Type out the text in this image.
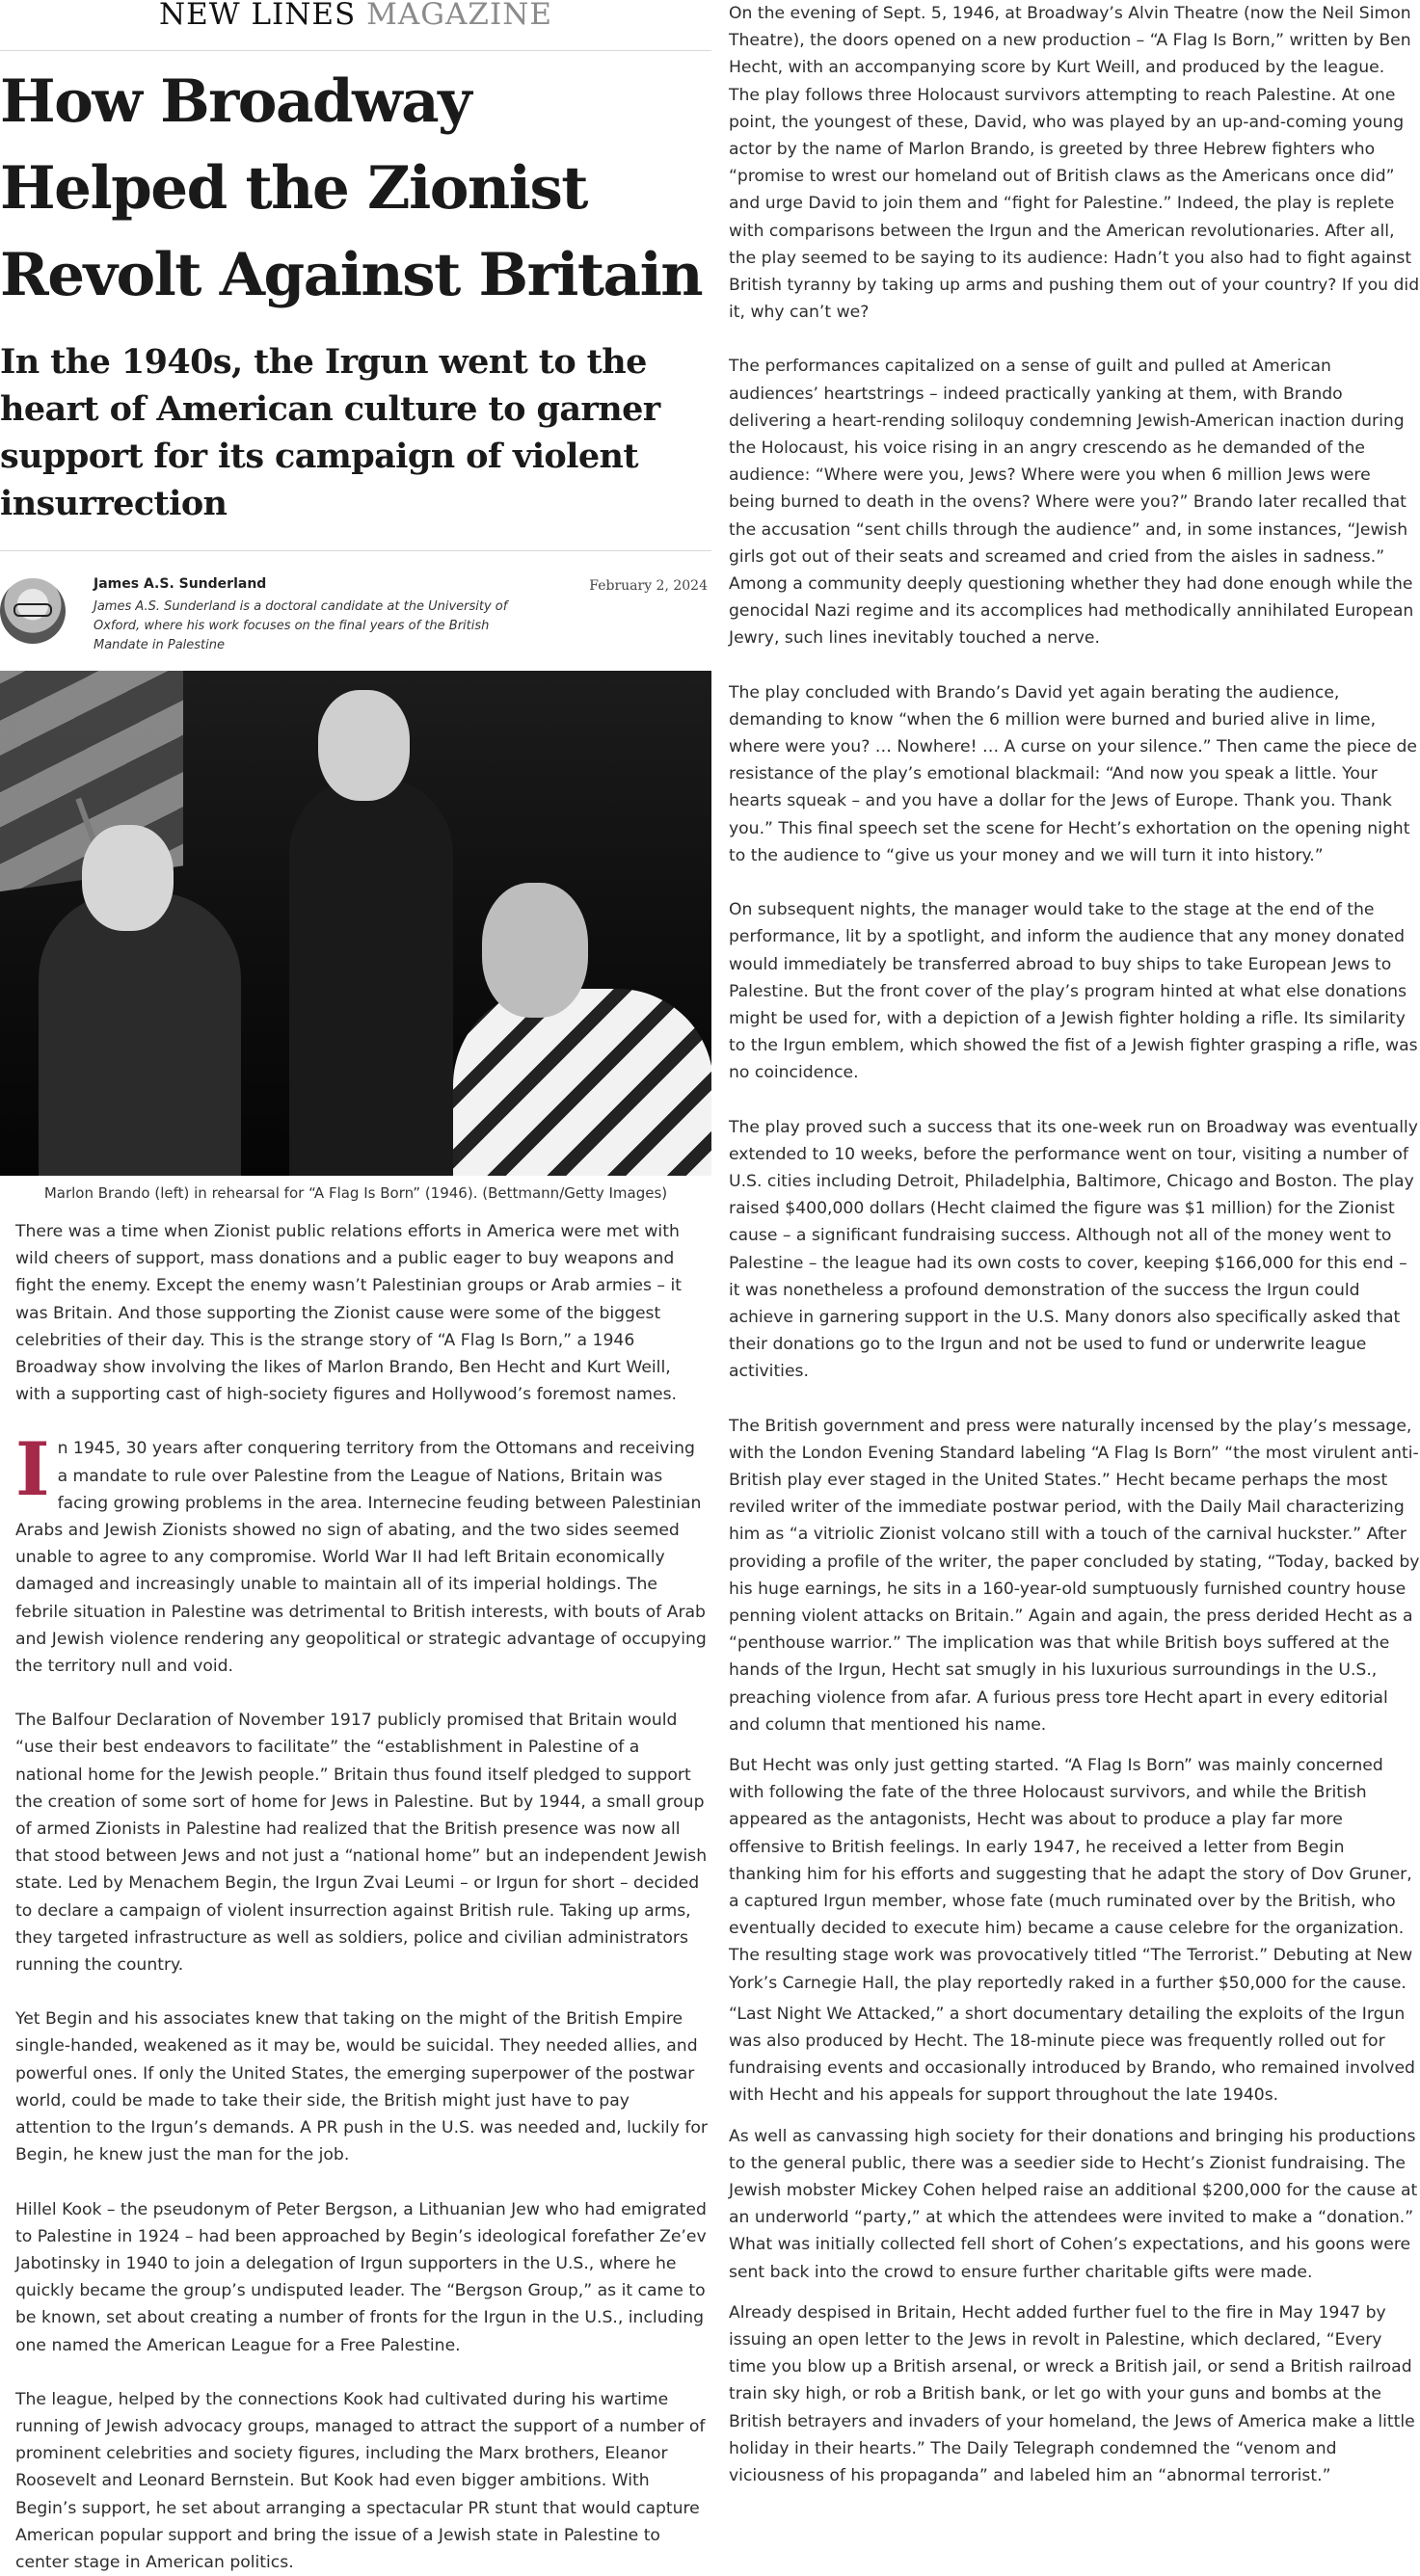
NEW LINES MAGAZINE
How Broadway Helped the Zionist Revolt Against Britain
In the 1940s, the Irgun went to the heart of American culture to garner support for its campaign of violent insurrection
James A.S. Sunderland
James A.S. Sunderland is a doctoral candidate at the University of Oxford, where his work focuses on the final years of the British Mandate in Palestine
February 2, 2024
Marlon Brando (left) in rehearsal for “A Flag Is Born” (1946). (Bettmann/Getty Images)

There was a time when Zionist public relations efforts in America were met with wild cheers of support, mass donations and a public eager to buy weapons and fight the enemy. Except the enemy wasn’t Palestinian groups or Arab armies – it was Britain. And those supporting the Zionist cause were some of the biggest celebrities of their day. This is the strange story of “A Flag Is Born,” a 1946 Broadway show involving the likes of Marlon Brando, Ben Hecht and Kurt Weill, with a supporting cast of high-society figures and Hollywood’s foremost names.

In 1945, 30 years after conquering territory from the Ottomans and receiving a mandate to rule over Palestine from the League of Nations, Britain was facing growing problems in the area. Internecine feuding between Palestinian Arabs and Jewish Zionists showed no sign of abating, and the two sides seemed unable to agree to any compromise. World War II had left Britain economically damaged and increasingly unable to maintain all of its imperial holdings. The febrile situation in Palestine was detrimental to British interests, with bouts of Arab and Jewish violence rendering any geopolitical or strategic advantage of occupying the territory null and void.

The Balfour Declaration of November 1917 publicly promised that Britain would “use their best endeavors to facilitate” the “establishment in Palestine of a national home for the Jewish people.” Britain thus found itself pledged to support the creation of some sort of home for Jews in Palestine. But by 1944, a small group of armed Zionists in Palestine had realized that the British presence was now all that stood between Jews and not just a “national home” but an independent Jewish state. Led by Menachem Begin, the Irgun Zvai Leumi – or Irgun for short – decided to declare a campaign of violent insurrection against British rule. Taking up arms, they targeted infrastructure as well as soldiers, police and civilian administrators running the country.

Yet Begin and his associates knew that taking on the might of the British Empire single-handed, weakened as it may be, would be suicidal. They needed allies, and powerful ones. If only the United States, the emerging superpower of the postwar world, could be made to take their side, the British might just have to pay attention to the Irgun’s demands. A PR push in the U.S. was needed and, luckily for Begin, he knew just the man for the job.

Hillel Kook – the pseudonym of Peter Bergson, a Lithuanian Jew who had emigrated to Palestine in 1924 – had been approached by Begin’s ideological forefather Ze’ev Jabotinsky in 1940 to join a delegation of Irgun supporters in the U.S., where he quickly became the group’s undisputed leader. The “Bergson Group,” as it came to be known, set about creating a number of fronts for the Irgun in the U.S., including one named the American League for a Free Palestine.

The league, helped by the connections Kook had cultivated during his wartime running of Jewish advocacy groups, managed to attract the support of a number of prominent celebrities and society figures, including the Marx brothers, Eleanor Roosevelt and Leonard Bernstein. But Kook had even bigger ambitions. With Begin’s support, he set about arranging a spectacular PR stunt that would capture American popular support and bring the issue of a Jewish state in Palestine to center stage in American politics.

On the evening of Sept. 5, 1946, at Broadway’s Alvin Theatre (now the Neil Simon Theatre), the doors opened on a new production – “A Flag Is Born,” written by Ben Hecht, with an accompanying score by Kurt Weill, and produced by the league. The play follows three Holocaust survivors attempting to reach Palestine. At one point, the youngest of these, David, who was played by an up-and-coming young actor by the name of Marlon Brando, is greeted by three Hebrew fighters who “promise to wrest our homeland out of British claws as the Americans once did” and urge David to join them and “fight for Palestine.” Indeed, the play is replete with comparisons between the Irgun and the American revolutionaries. After all, the play seemed to be saying to its audience: Hadn’t you also had to fight against British tyranny by taking up arms and pushing them out of your country? If you did it, why can’t we?

The performances capitalized on a sense of guilt and pulled at American audiences’ heartstrings – indeed practically yanking at them, with Brando delivering a heart-rending soliloquy condemning Jewish-American inaction during the Holocaust, his voice rising in an angry crescendo as he demanded of the audience: “Where were you, Jews? Where were you when 6 million Jews were being burned to death in the ovens? Where were you?” Brando later recalled that the accusation “sent chills through the audience” and, in some instances, “Jewish girls got out of their seats and screamed and cried from the aisles in sadness.” Among a community deeply questioning whether they had done enough while the genocidal Nazi regime and its accomplices had methodically annihilated European Jewry, such lines inevitably touched a nerve.

The play concluded with Brando’s David yet again berating the audience, demanding to know “when the 6 million were burned and buried alive in lime, where were you? … Nowhere! … A curse on your silence.” Then came the piece de resistance of the play’s emotional blackmail: “And now you speak a little. Your hearts squeak – and you have a dollar for the Jews of Europe. Thank you. Thank you.” This final speech set the scene for Hecht’s exhortation on the opening night to the audience to “give us your money and we will turn it into history.”

On subsequent nights, the manager would take to the stage at the end of the performance, lit by a spotlight, and inform the audience that any money donated would immediately be transferred abroad to buy ships to take European Jews to Palestine. But the front cover of the play’s program hinted at what else donations might be used for, with a depiction of a Jewish fighter holding a rifle. Its similarity to the Irgun emblem, which showed the fist of a Jewish fighter grasping a rifle, was no coincidence.

The play proved such a success that its one-week run on Broadway was eventually extended to 10 weeks, before the performance went on tour, visiting a number of U.S. cities including Detroit, Philadelphia, Baltimore, Chicago and Boston. The play raised $400,000 dollars (Hecht claimed the figure was $1 million) for the Zionist cause – a significant fundraising success. Although not all of the money went to Palestine – the league had its own costs to cover, keeping $166,000 for this end – it was nonetheless a profound demonstration of the success the Irgun could achieve in garnering support in the U.S. Many donors also specifically asked that their donations go to the Irgun and not be used to fund or underwrite league activities.

The British government and press were naturally incensed by the play’s message, with the London Evening Standard labeling “A Flag Is Born” “the most virulent anti-British play ever staged in the United States.” Hecht became perhaps the most reviled writer of the immediate postwar period, with the Daily Mail characterizing him as “a vitriolic Zionist volcano still with a touch of the carnival huckster.” After providing a profile of the writer, the paper concluded by stating, “Today, backed by his huge earnings, he sits in a 160-year-old sumptuously furnished country house penning violent attacks on Britain.” Again and again, the press derided Hecht as a “penthouse warrior.” The implication was that while British boys suffered at the hands of the Irgun, Hecht sat smugly in his luxurious surroundings in the U.S., preaching violence from afar. A furious press tore Hecht apart in every editorial and column that mentioned his name.

But Hecht was only just getting started. “A Flag Is Born” was mainly concerned with following the fate of the three Holocaust survivors, and while the British appeared as the antagonists, Hecht was about to produce a play far more offensive to British feelings. In early 1947, he received a letter from Begin thanking him for his efforts and suggesting that he adapt the story of Dov Gruner, a captured Irgun member, whose fate (much ruminated over by the British, who eventually decided to execute him) became a cause celebre for the organization. The resulting stage work was provocatively titled “The Terrorist.” Debuting at New York’s Carnegie Hall, the play reportedly raked in a further $50,000 for the cause.

“Last Night We Attacked,” a short documentary detailing the exploits of the Irgun was also produced by Hecht. The 18-minute piece was frequently rolled out for fundraising events and occasionally introduced by Brando, who remained involved with Hecht and his appeals for support throughout the late 1940s.

As well as canvassing high society for their donations and bringing his productions to the general public, there was a seedier side to Hecht’s Zionist fundraising. The Jewish mobster Mickey Cohen helped raise an additional $200,000 for the cause at an underworld “party,” at which the attendees were invited to make a “donation.” What was initially collected fell short of Cohen’s expectations, and his goons were sent back into the crowd to ensure further charitable gifts were made.

Already despised in Britain, Hecht added further fuel to the fire in May 1947 by issuing an open letter to the Jews in revolt in Palestine, which declared, “Every time you blow up a British arsenal, or wreck a British jail, or send a British railroad train sky high, or rob a British bank, or let go with your guns and bombs at the British betrayers and invaders of your homeland, the Jews of America make a little holiday in their hearts.” The Daily Telegraph condemned the “venom and viciousness of his propaganda” and labeled him an “abnormal terrorist.”
